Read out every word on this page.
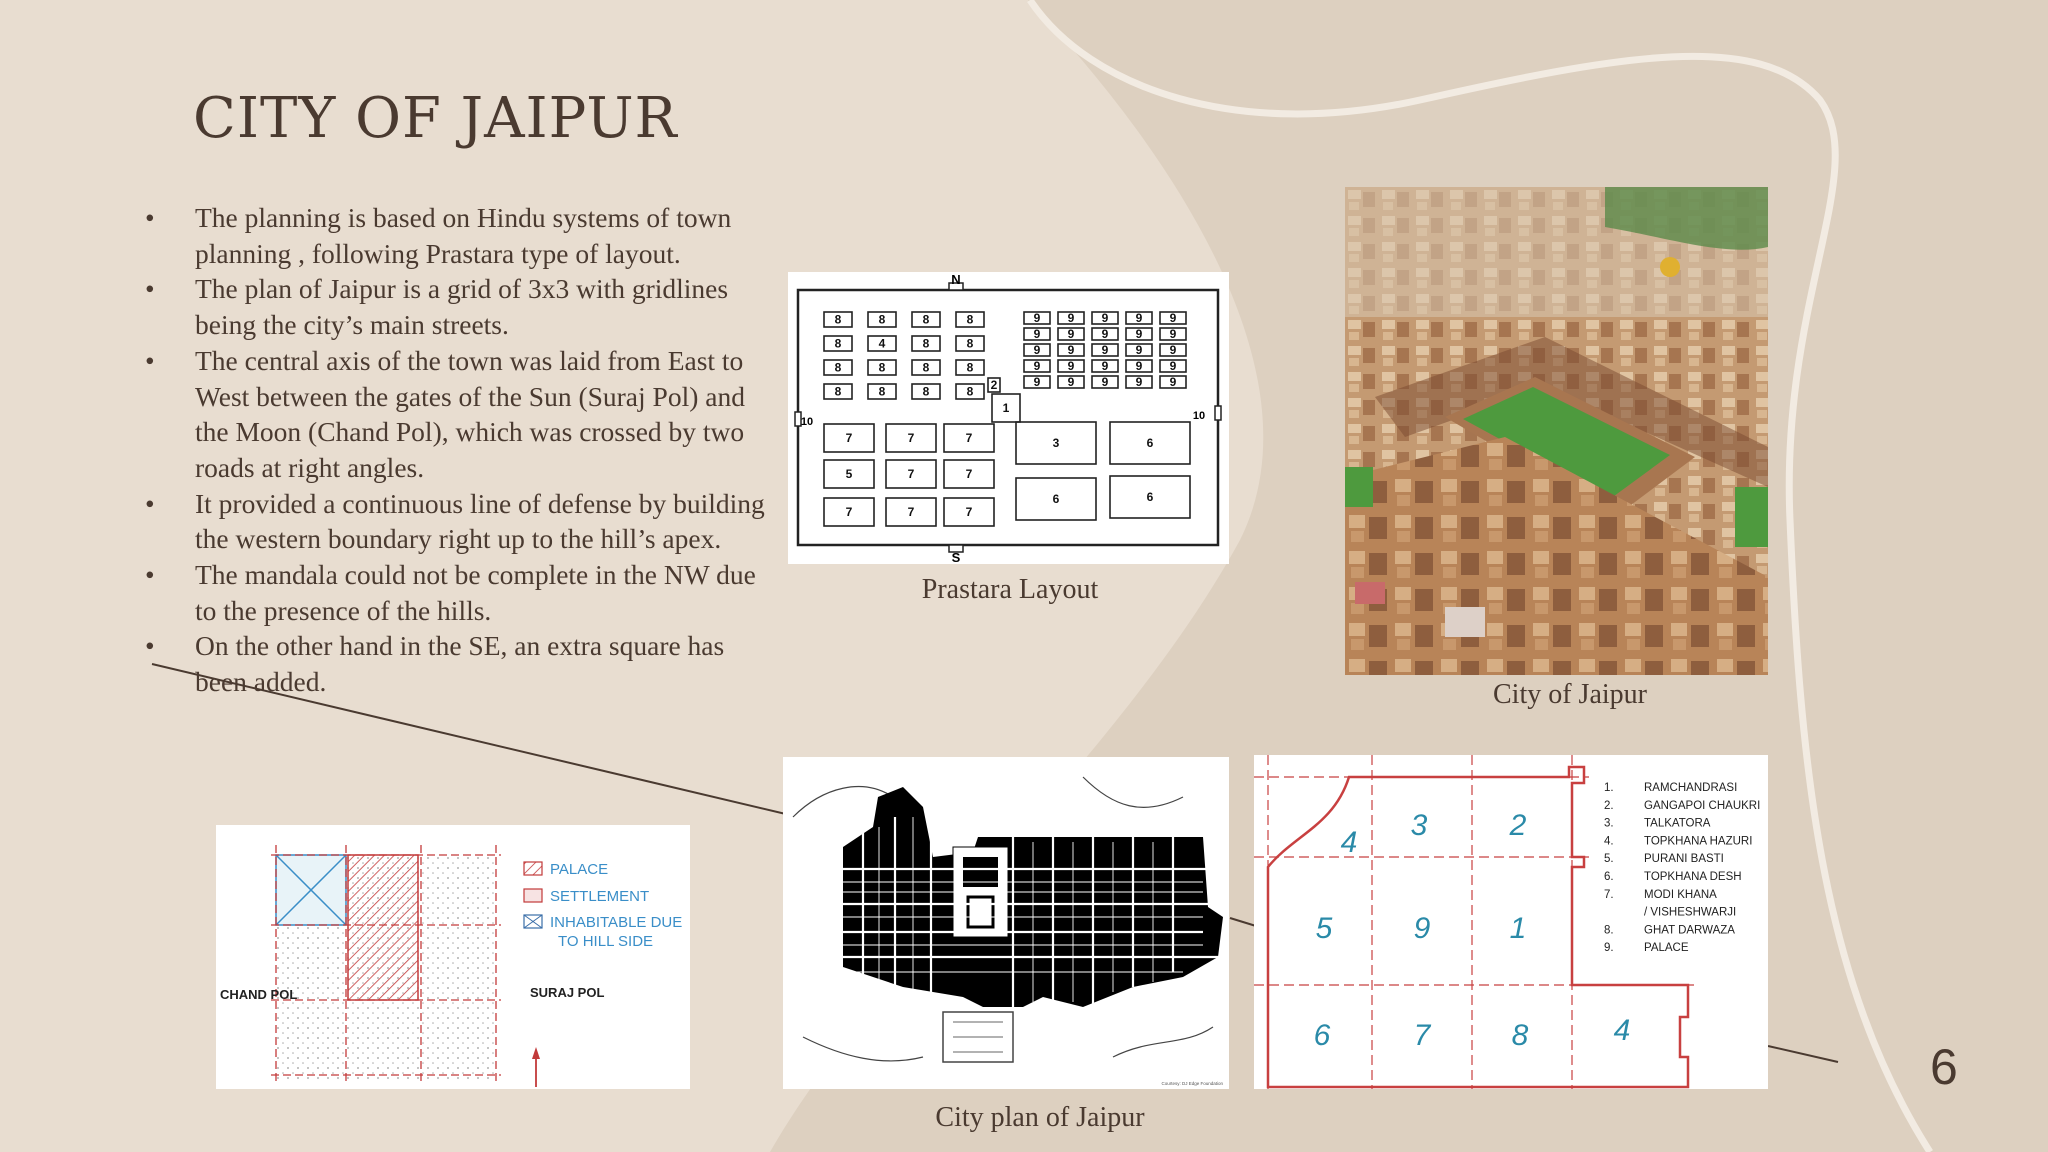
CITY OF JAIPUR
• The planning is based on Hindu systems of town planning , following Prastara type of layout.
• The plan of Jaipur is a grid of 3x3 with gridlines being the city’s main streets.
• The central axis of the town was laid from East to West between the gates of the Sun (Suraj Pol) and the Moon (Chand Pol), which was crossed by two roads at right angles.
• It provided a continuous line of defense by building the western boundary right up to the hill’s apex.
• The mandala could not be complete in the NW due to the presence of the hills.
• On the other hand in the SE, an extra square has been added.
N
S
10	10
8
8
8
8
8
4
8
8
8
8
8
8
8
8
8
8
9
9
9
9
9
9
9
9
9
9
9
9
9
9
9
9
9
9
9
9
9
9
9
9
9
2
1
7	7	7
5	7	7
7	7	7
3	6
6	6
Prastara Layout
City of Jaipur
Courtesy: DJ Edge Foundation
City plan of Jaipur
PALACE
SETTLEMENT
INHABITABLE DUE
TO HILL SIDE
CHAND POL	SURAJ POL
4
3	2
5	9	1
6	7	8	4
1.	RAMCHANDRASI
2.	GANGAPOI CHAUKRI
3.	TALKATORA
4.	TOPKHANA HAZURI
5.	PURANI BASTI
6.	TOPKHANA DESH
7.	MODI KHANA
/ VISHESHWARJI
8.	GHAT DARWAZA
9.	PALACE
6
